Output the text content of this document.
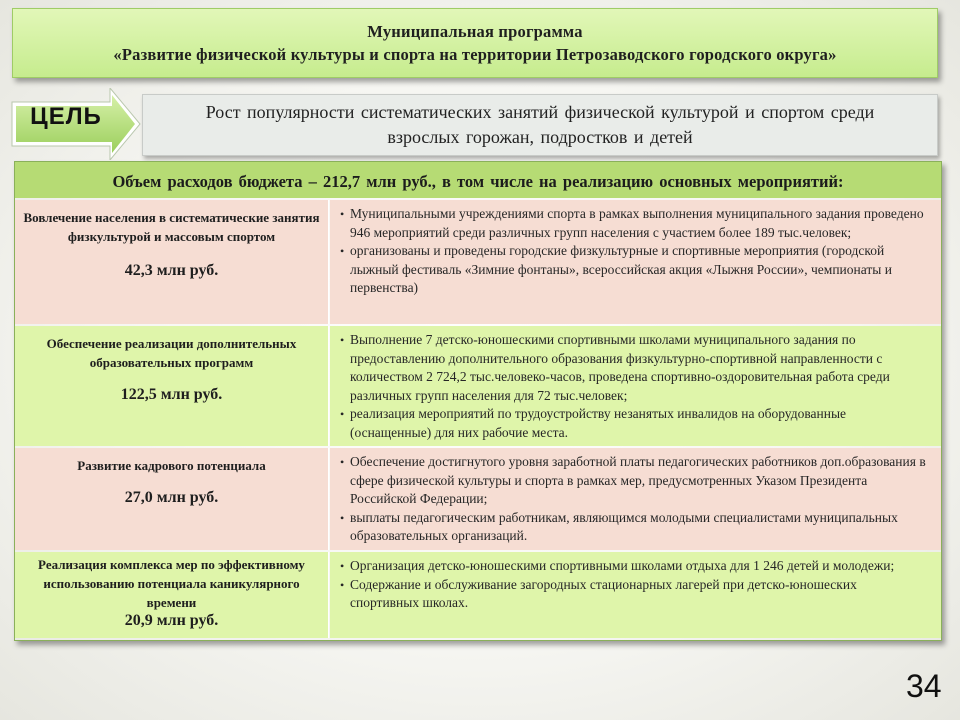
Муниципальная программа
«Развитие физической культуры и спорта на территории Петрозаводского городского округа»
ЦЕЛЬ	Рост популярности систематических занятий физической культурой и спортом среди
взрослых горожан, подростков и детей
Объем расходов бюджета – 212,7 млн руб., в том числе на реализацию основных мероприятий:
Вовлечение населения в систематические занятия физкультурой и массовым спортом
42,3 млн руб.
• Муниципальными учреждениями спорта в рамках выполнения муниципального задания проведено 946 мероприятий среди различных групп населения с участием более 189 тыс.человек;
• организованы и проведены городские физкультурные и спортивные мероприятия (городской лыжный фестиваль «Зимние фонтаны», всероссийская акция «Лыжня России», чемпионаты и первенства)
Обеспечение реализации дополнительных образовательных программ
122,5 млн руб.
• Выполнение 7 детско-юношескими спортивными школами муниципального задания по предоставлению дополнительного образования физкультурно-спортивной направленности с количеством 2 724,2 тыс.человеко-часов, проведена спортивно-оздоровительная работа среди различных групп населения для 72 тыс.человек;
• реализация мероприятий по трудоустройству незанятых инвалидов на оборудованные (оснащенные) для них рабочие места.
Развитие кадрового потенциала
27,0 млн руб.
• Обеспечение достигнутого уровня заработной платы педагогических работников доп.образования в сфере физической культуры и спорта в рамках мер, предусмотренных Указом Президента Российской Федерации;
• выплаты педагогическим работникам, являющимся молодыми специалистами муниципальных образовательных организаций.
Реализация комплекса мер по эффективному использованию потенциала каникулярного времени
20,9 млн руб.
• Организация детско-юношескими спортивными школами отдыха для 1 246 детей и молодежи;
• Содержание и обслуживание загородных стационарных лагерей при детско-юношеских спортивных школах.
34
